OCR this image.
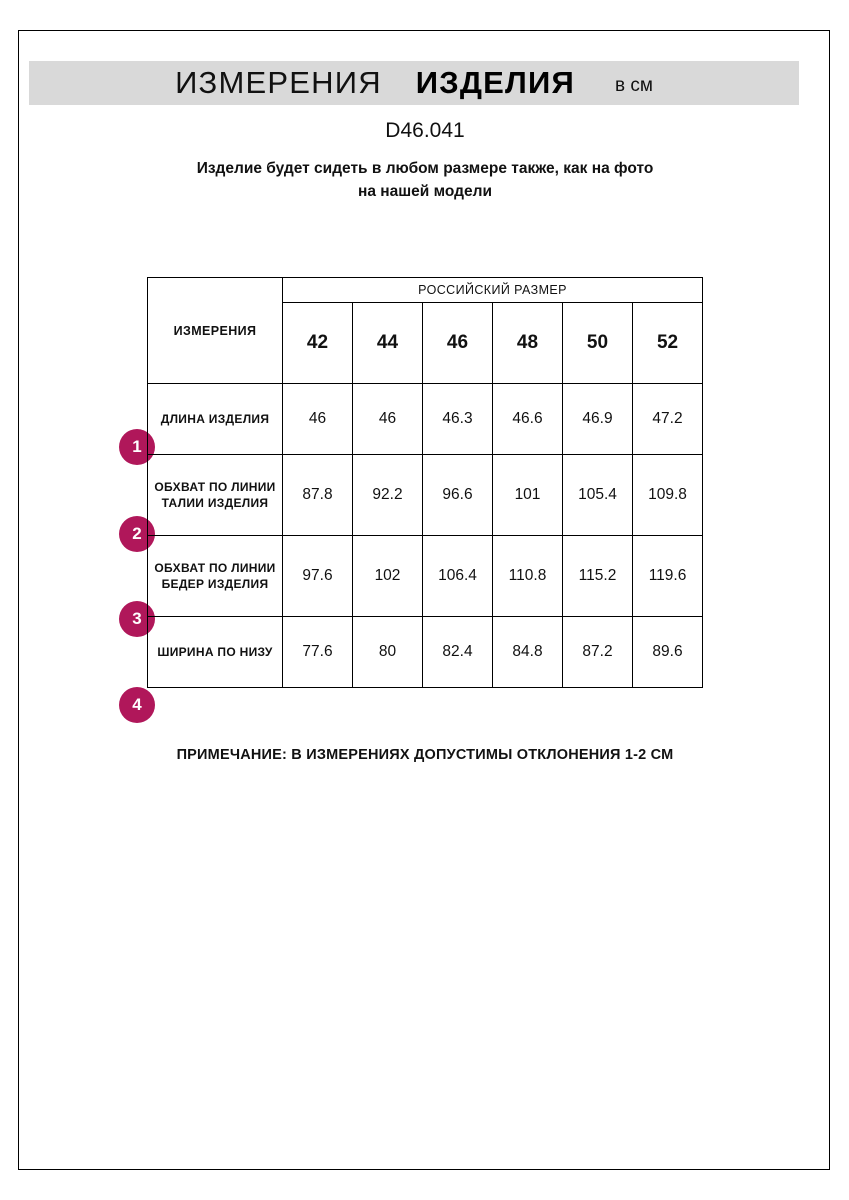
ИЗМЕРЕНИЯ ИЗДЕЛИЯ в см
D46.041
Изделие будет сидеть в любом размере также, как на фото
на нашей модели
1
2
3
4
ИЗМЕРЕНИЯ	РОССИЙСКИЙ РАЗМЕР					
	42	44	46	48	50	52
ДЛИНА ИЗДЕЛИЯ	46	46	46.3	46.6	46.9	47.2
ОБХВАТ ПО ЛИНИИ ТАЛИИ ИЗДЕЛИЯ	87.8	92.2	96.6	101	105.4	109.8
ОБХВАТ ПО ЛИНИИ БЕДЕР ИЗДЕЛИЯ	97.6	102	106.4	110.8	115.2	119.6
ШИРИНА ПО НИЗУ	77.6	80	82.4	84.8	87.2	89.6
ПРИМЕЧАНИЕ: В ИЗМЕРЕНИЯХ ДОПУСТИМЫ ОТКЛОНЕНИЯ 1-2 СМ
